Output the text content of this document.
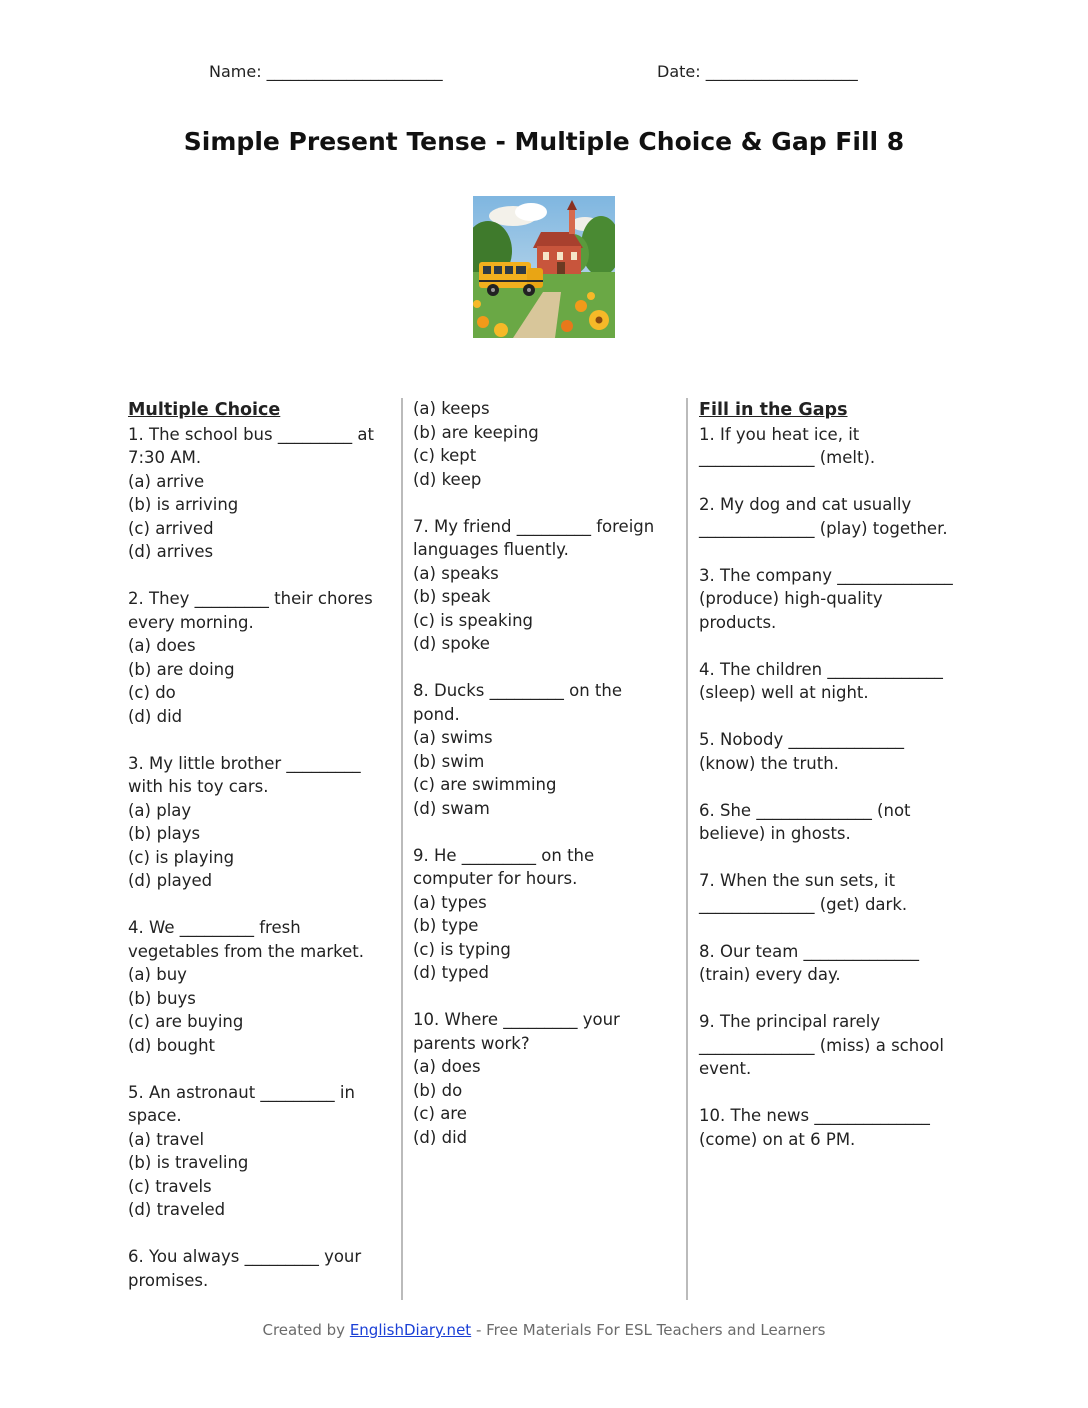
Name: ______________________	Date: ___________________
Simple Present Tense - Multiple Choice & Gap Fill 8
Multiple Choice
1. The school bus _________ at 7:30 AM.
(a) arrive
(b) is arriving
(c) arrived
(d) arrives
2. They _________ their chores every morning.
(a) does
(b) are doing
(c) do
(d) did
3. My little brother _________ with his toy cars.
(a) play
(b) plays
(c) is playing
(d) played
4. We _________ fresh vegetables from the market.
(a) buy
(b) buys
(c) are buying
(d) bought
5. An astronaut _________ in space.
(a) travel
(b) is traveling
(c) travels
(d) traveled
6. You always _________ your promises.
(a) keeps
(b) are keeping
(c) kept
(d) keep
7. My friend _________ foreign languages fluently.
(a) speaks
(b) speak
(c) is speaking
(d) spoke
8. Ducks _________ on the pond.
(a) swims
(b) swim
(c) are swimming
(d) swam
9. He _________ on the computer for hours.
(a) types
(b) type
(c) is typing
(d) typed
10. Where _________ your parents work?
(a) does
(b) do
(c) are
(d) did
Fill in the Gaps
1. If you heat ice, it ______________ (melt).
2. My dog and cat usually ______________ (play) together.
3. The company ______________ (produce) high-quality products.
4. The children ______________ (sleep) well at night.
5. Nobody ______________ (know) the truth.
6. She ______________ (not believe) in ghosts.
7. When the sun sets, it ______________ (get) dark.
8. Our team ______________ (train) every day.
9. The principal rarely ______________ (miss) a school event.
10. The news ______________ (come) on at 6 PM.
Created by EnglishDiary.net - Free Materials For ESL Teachers and Learners
